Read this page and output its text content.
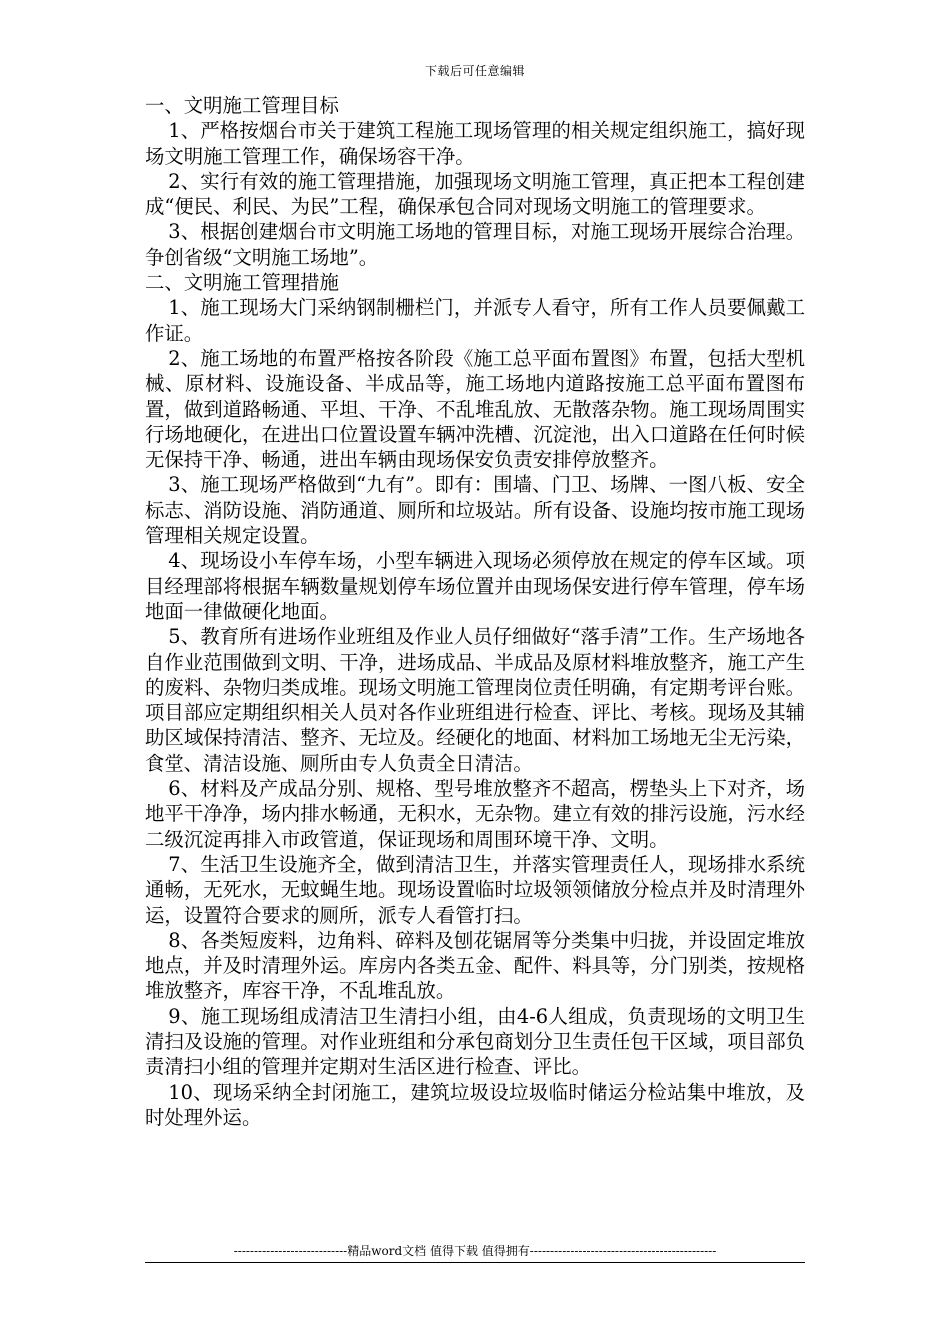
下载后可任意编辑

一、文明施工管理目标

1、严格按烟台市关于建筑工程施工现场管理的相关规定组织施工，搞好现场文明施工管理工作，确保场容干净。

2、实行有效的施工管理措施，加强现场文明施工管理，真正把本工程创建成“便民、利民、为民”工程，确保承包合同对现场文明施工的管理要求。

3、根据创建烟台市文明施工场地的管理目标，对施工现场开展综合治理。争创省级“文明施工场地”。

二、文明施工管理措施

1、施工现场大门采纳钢制栅栏门，并派专人看守，所有工作人员要佩戴工作证。

2、施工场地的布置严格按各阶段《施工总平面布置图》布置，包括大型机械、原材料、设施设备、半成品等，施工场地内道路按施工总平面布置图布置，做到道路畅通、平坦、干净、不乱堆乱放、无散落杂物。施工现场周围实行场地硬化，在进出口位置设置车辆冲洗槽、沉淀池，出入口道路在任何时候无保持干净、畅通，进出车辆由现场保安负责安排停放整齐。

3、施工现场严格做到“九有”。即有：围墙、门卫、场牌、一图八板、安全标志、消防设施、消防通道、厕所和垃圾站。所有设备、设施均按市施工现场管理相关规定设置。

4、现场设小车停车场，小型车辆进入现场必须停放在规定的停车区域。项目经理部将根据车辆数量规划停车场位置并由现场保安进行停车管理，停车场地面一律做硬化地面。

5、教育所有进场作业班组及作业人员仔细做好“落手清”工作。生产场地各自作业范围做到文明、干净，进场成品、半成品及原材料堆放整齐，施工产生的废料、杂物归类成堆。现场文明施工管理岗位责任明确，有定期考评台账。项目部应定期组织相关人员对各作业班组进行检查、评比、考核。现场及其辅助区域保持清洁、整齐、无垃及。经硬化的地面、材料加工场地无尘无污染，食堂、清洁设施、厕所由专人负责全日清洁。

6、材料及产成品分别、规格、型号堆放整齐不超高，楞垫头上下对齐，场地平干净净，场内排水畅通，无积水，无杂物。建立有效的排污设施，污水经二级沉淀再排入市政管道，保证现场和周围环境干净、文明。

7、生活卫生设施齐全，做到清洁卫生，并落实管理责任人，现场排水系统通畅，无死水，无蚊蝇生地。现场设置临时垃圾领领储放分检点并及时清理外运，设置符合要求的厕所，派专人看管打扫。

8、各类短废料，边角料、碎料及刨花锯屑等分类集中归拢，并设固定堆放地点，并及时清理外运。库房内各类五金、配件、料具等，分门别类，按规格堆放整齐，库容干净，不乱堆乱放。

9、施工现场组成清洁卫生清扫小组，由4-6人组成，负责现场的文明卫生清扫及设施的管理。对作业班组和分承包商划分卫生责任包干区域，项目部负责清扫小组的管理并定期对生活区进行检查、评比。

10、现场采纳全封闭施工，建筑垃圾设垃圾临时储运分检站集中堆放，及时处理外运。

----------------------------精品word文档 值得下载 值得拥有----------------------------------------------
